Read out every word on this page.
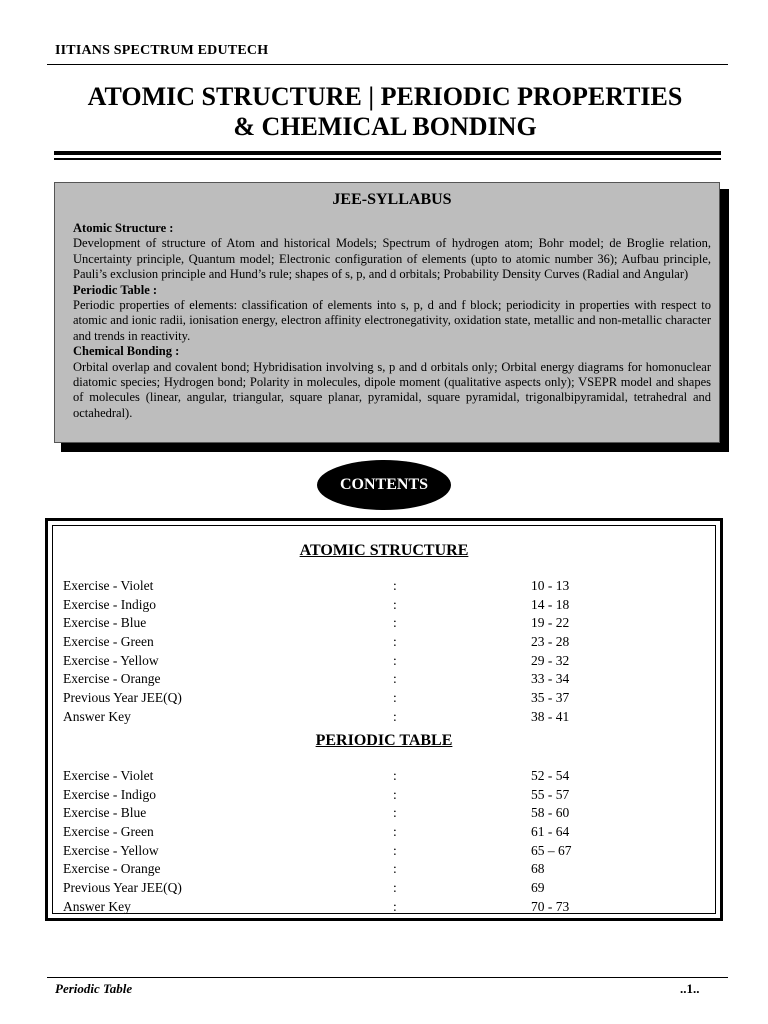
IITIANS SPECTRUM EDUTECH
ATOMIC STRUCTURE | PERIODIC PROPERTIES
& CHEMICAL BONDING
JEE-SYLLABUS
Atomic Structure :
Development of structure of Atom and historical Models; Spectrum of hydrogen atom; Bohr model; de Broglie relation, Uncertainty principle, Quantum model; Electronic configuration of elements (upto to atomic number 36); Aufbau principle, Pauli’s exclusion principle and Hund’s rule; shapes of s, p, and d orbitals; Probability Density Curves (Radial and Angular)
Periodic Table :
Periodic properties of elements: classification of elements into s, p, d and f block; periodicity in properties with respect to atomic and ionic radii, ionisation energy, electron affinity electronegativity, oxidation state, metallic and non-metallic character and trends in reactivity.
Chemical Bonding :
Orbital overlap and covalent bond; Hybridisation involving s, p and d orbitals only; Orbital energy diagrams for homonuclear diatomic species; Hydrogen bond; Polarity in molecules, dipole moment (qualitative aspects only); VSEPR model and shapes of molecules (linear, angular, triangular, square planar, pyramidal, square pyramidal, trigonalbipyramidal, tetrahedral and octahedral).
CONTENTS
ATOMIC STRUCTURE
Exercise - Violet	:	10 - 13
Exercise - Indigo	:	14 - 18
Exercise - Blue	:	19 - 22
Exercise - Green	:	23 - 28
Exercise - Yellow	:	29 - 32
Exercise - Orange	:	33 - 34
Previous Year JEE(Q)	:	35 - 37
Answer Key	:	38 - 41
PERIODIC TABLE
Exercise - Violet	:	52 - 54
Exercise - Indigo	:	55 - 57
Exercise - Blue	:	58 - 60
Exercise - Green	:	61 - 64
Exercise - Yellow	:	65 – 67
Exercise - Orange	:	68
Previous Year JEE(Q)	:	69
Answer Key	:	70 - 73
Periodic Table	..1..
